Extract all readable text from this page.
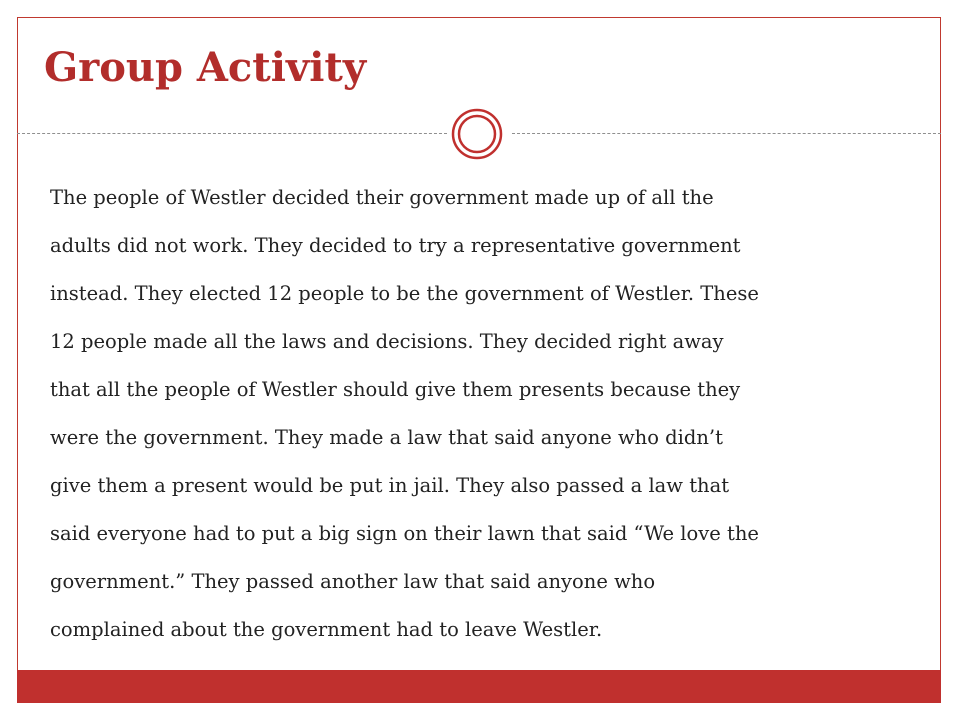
Group Activity
The people of Westler decided their government made up of all the
adults did not work. They decided to try a representative government
instead. They elected 12 people to be the government of Westler. These
12 people made all the laws and decisions. They decided right away
that all the people of Westler should give them presents because they
were the government. They made a law that said anyone who didn’t
give them a present would be put in jail. They also passed a law that
said everyone had to put a big sign on their lawn that said “We love the
government.” They passed another law that said anyone who
complained about the government had to leave Westler.
